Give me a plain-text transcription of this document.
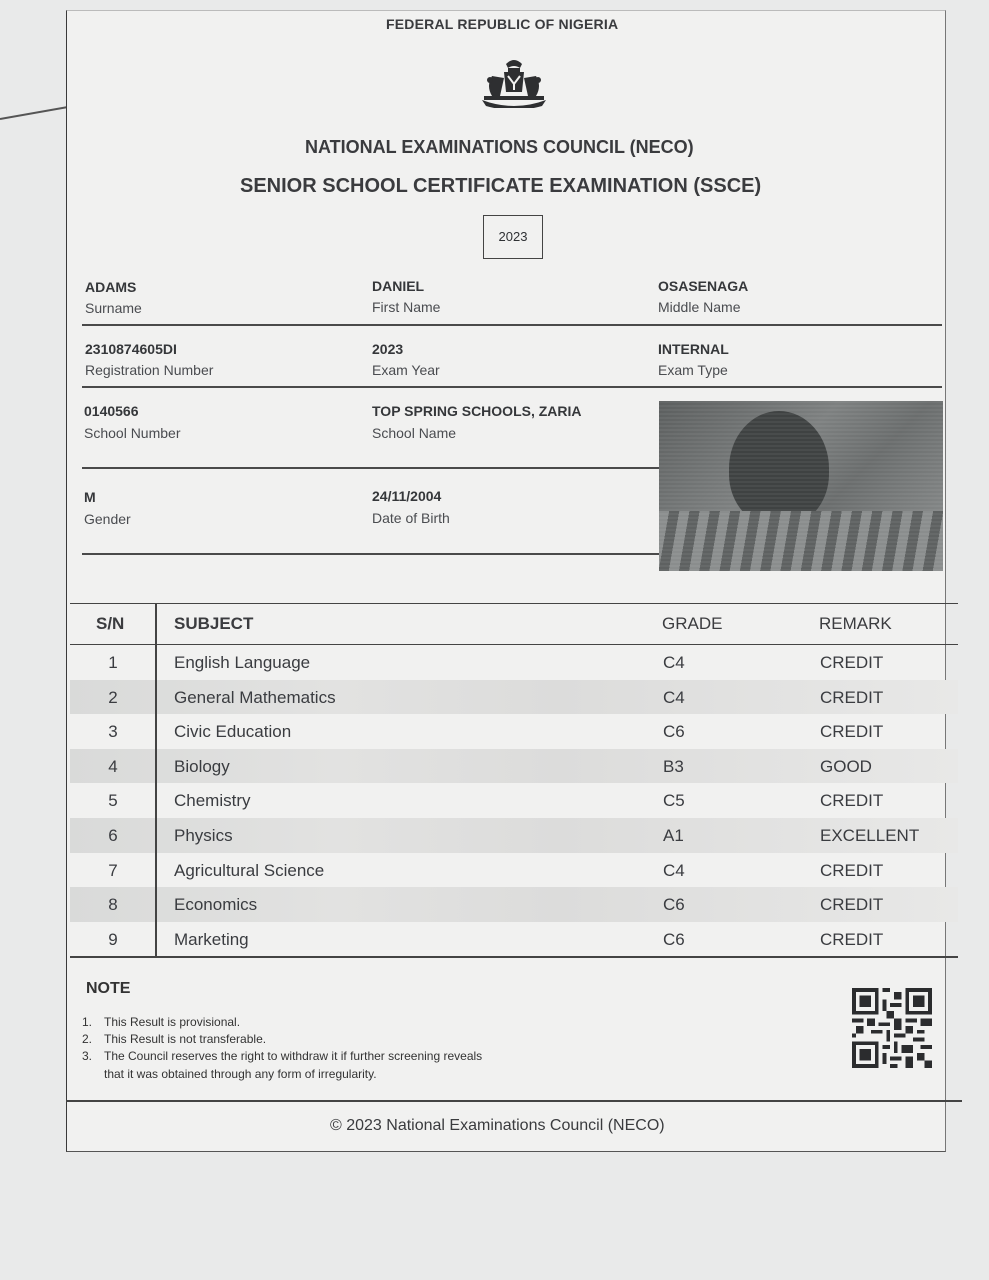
FEDERAL REPUBLIC OF NIGERIA
NATIONAL EXAMINATIONS COUNCIL (NECO)
SENIOR SCHOOL CERTIFICATE EXAMINATION (SSCE)
2023
ADAMS
Surname
DANIEL
First Name
OSASENAGA
Middle Name
2310874605DI
Registration Number
2023
Exam Year
INTERNAL
Exam Type
0140566
School Number
TOP SPRING SCHOOLS, ZARIA
School Name
M
Gender
24/11/2004
Date of Birth
S/N	SUBJECT	GRADE	REMARK
1	English Language	C4	CREDIT
2	General Mathematics	C4	CREDIT
3	Civic Education	C6	CREDIT
4	Biology	B3	GOOD
5	Chemistry	C5	CREDIT
6	Physics	A1	EXCELLENT
7	Agricultural Science	C4	CREDIT
8	Economics	C6	CREDIT
9	Marketing	C6	CREDIT
NOTE
1. This Result is provisional.
2. This Result is not transferable.
3. The Council reserves the right to withdraw it if further screening reveals
that it was obtained through any form of irregularity.
© 2023 National Examinations Council (NECO)
